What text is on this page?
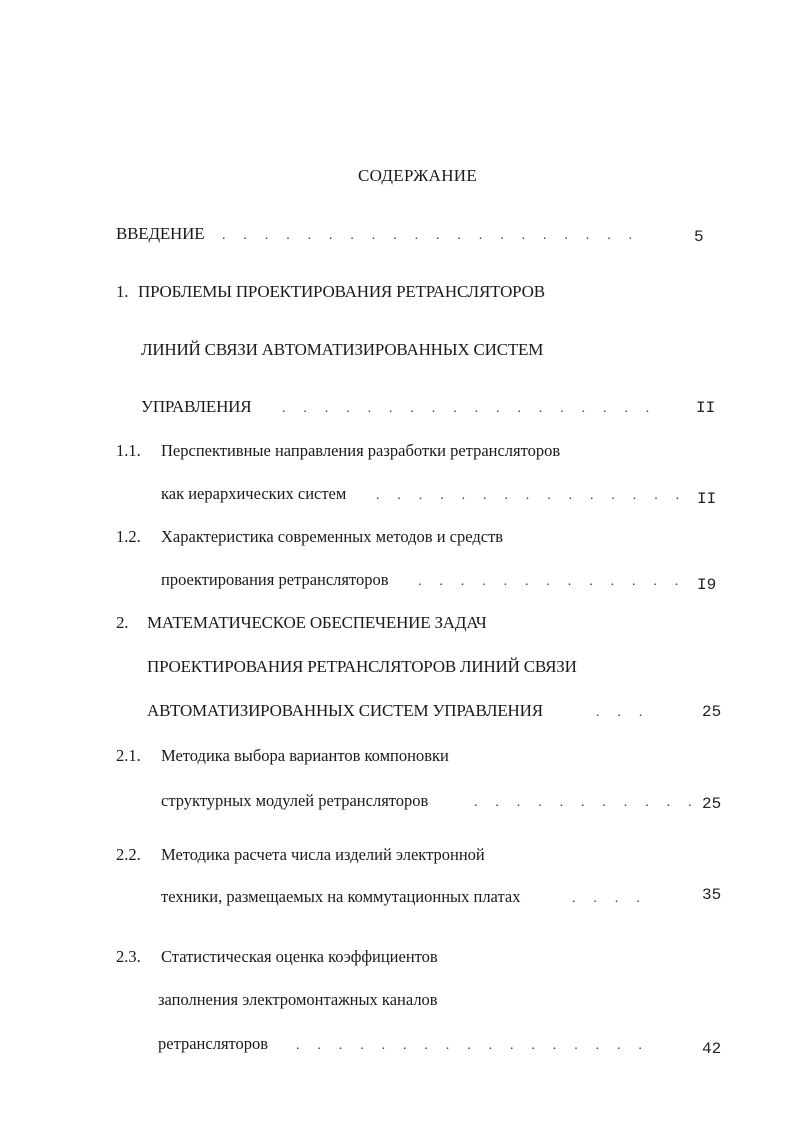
СОДЕРЖАНИЕ
ВВЕДЕНИЕ . . . . . . . . . . . . . . . . . . . .	5
1. ПРОБЛЕМЫ ПРОЕКТИРОВАНИЯ РЕТРАНСЛЯТОРОВ
ЛИНИЙ СВЯЗИ АВТОМАТИЗИРОВАННЫХ СИСТЕМ
УПРАВЛЕНИЯ . . . . . . . . . . . . . . . . . . II
1.1. Перспективные направления разработки ретрансляторов
как иерархических систем . . . . . . . . . . . . . . . II
1.2. Характеристика современных методов и средств
проектирования ретрансляторов . . . . . . . . . . . . . I9
2. МАТЕМАТИЧЕСКОЕ ОБЕСПЕЧЕНИЕ ЗАДАЧ
ПРОЕКТИРОВАНИЯ РЕТРАНСЛЯТОРОВ ЛИНИЙ СВЯЗИ
АВТОМАТИЗИРОВАННЫХ СИСТЕМ УПРАВЛЕНИЯ	. . .	25
2.1. Методика выбора вариантов компоновки
структурных модулей ретрансляторов	. . . . . . . . . . . 25
2.2. Методика расчета числа изделий электронной
техники, размещаемых на коммутационных платах	. . . .	35
2.3. Статистическая оценка коэффициентов
заполнения электромонтажных каналов
ретрансляторов . . . . . . . . . . . . . . . . .	42
